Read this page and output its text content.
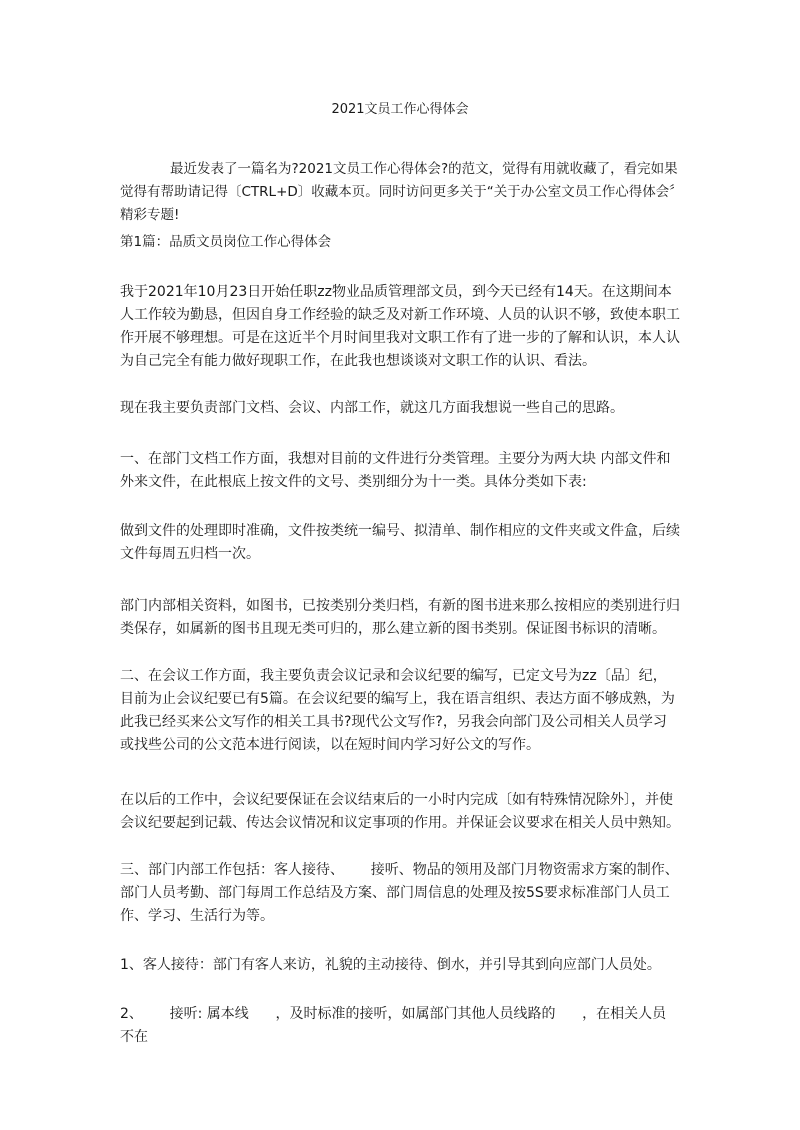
2021文员工作心得体会

最近发表了一篇名为?2021文员工作心得体会?的范文，觉得有用就收藏了，看完如果觉得有帮助请记得〔CTRL+D〕收藏本页。同时访问更多关于“关于办公室文员工作心得体会〞精彩专题!

第1篇：品质文员岗位工作心得体会

我于2021年10月23日开始任职zz物业品质管理部文员，到今天已经有14天。在这期间本人工作较为勤恳，但因自身工作经验的缺乏及对新工作环境、人员的认识不够，致使本职工作开展不够理想。可是在这近半个月时间里我对文职工作有了进一步的了解和认识，本人认为自己完全有能力做好现职工作，在此我也想谈谈对文职工作的认识、看法。

现在我主要负责部门文档、会议、内部工作，就这几方面我想说一些自己的思路。

一、在部门文档工作方面，我想对目前的文件进行分类管理。主要分为两大块 内部文件和外来文件，在此根底上按文件的文号、类别细分为十一类。具体分类如下表:

做到文件的处理即时准确，文件按类统一编号、拟清单、制作相应的文件夹或文件盒，后续文件每周五归档一次。

部门内部相关资料，如图书，已按类别分类归档，有新的图书进来那么按相应的类别进行归类保存，如属新的图书且现无类可归的，那么建立新的图书类别。保证图书标识的清晰。

二、在会议工作方面，我主要负责会议记录和会议纪要的编写，已定文号为zz〔品〕纪，目前为止会议纪要已有5篇。在会议纪要的编写上，我在语言组织、表达方面不够成熟，为此我已经买来公文写作的相关工具书?现代公文写作?，另我会向部门及公司相关人员学习或找些公司的公文范本进行阅读，以在短时间内学习好公文的写作。

在以后的工作中，会议纪要保证在会议结束后的一小时内完成〔如有特殊情况除外〕，并使会议纪要起到记载、传达会议情况和议定事项的作用。并保证会议要求在相关人员中熟知。

三、部门内部工作包括：客人接待、      接听、物品的领用及部门月物资需求方案的制作、部门人员考勤、部门每周工作总结及方案、部门周信息的处理及按5S要求标准部门人员工作、学习、生活行为等。

1、客人接待：部门有客人来访，礼貌的主动接待、倒水，并引导其到向应部门人员处。

2、      接听: 属本线      ，及时标准的接听，如属部门其他人员线路的      ，在相关人员不在
